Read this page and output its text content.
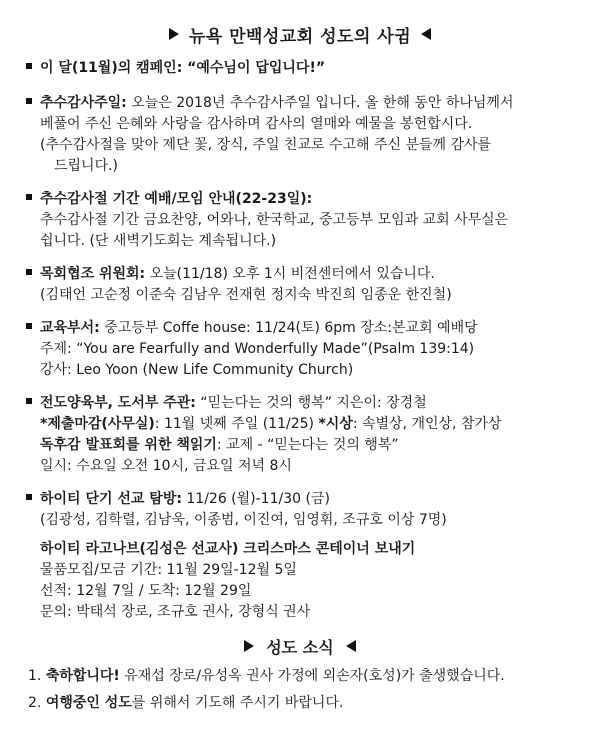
뉴욕 만백성교회 성도의 사귐

이 달(11월)의 캠페인: “예수님이 답입니다!”

추수감사주일: 오늘은 2018년 추수감사주일 입니다. 올 한해 동안 하나님께서

베풀어 주신 은혜와 사랑을 감사하며 감사의 열매와 예물을 봉헌합시다.

(추수감사절을 맞아 제단 꽃, 장식, 주일 친교로 수고해 주신 분들께 감사를

드립니다.)

추수감사절 기간 예배/모임 안내(22-23일):

추수감사절 기간 금요찬양, 어와나, 한국학교, 중고등부 모임과 교회 사무실은

쉽니다. (단 새벽기도회는 계속됩니다.)

목회협조 위원회: 오늘(11/18) 오후 1시 비전센터에서 있습니다.

(김태언 고순정 이준숙 김남우 전재현 정지숙 박진희 임종운 한진철)

교육부서: 중고등부 Coffe house: 11/24(토) 6pm 장소:본교회 예배당

주제: “You are Fearfully and Wonderfully Made”(Psalm 139:14)

강사: Leo Yoon (New Life Community Church)

전도양육부, 도서부 주관: “믿는다는 것의 행복” 지은이: 장경철

*제출마감(사무실): 11월 넷째 주일 (11/25) *시상: 속별상, 개인상, 참가상

독후감 발표회를 위한 책읽기: 교제 - “믿는다는 것의 행복”

일시: 수요일 오전 10시, 금요일 저녁 8시

하이티 단기 선교 탐방: 11/26 (월)-11/30 (금)

(김광성, 김학렬, 김남욱, 이종범, 이진여, 임영휘, 조규호 이상 7명)

하이티 라고나브(김성은 선교사) 크리스마스 콘테이너 보내기

물품모집/모금 기간: 11월 29일-12월 5일

선적: 12월 7일 / 도착: 12월 29일

문의: 박태석 장로, 조규호 권사, 강형식 권사

성도 소식

1. 축하합니다! 유재섭 장로/유성옥 권사 가정에 외손자(호성)가 출생했습니다.

2. 여행중인 성도를 위해서 기도해 주시기 바랍니다.
